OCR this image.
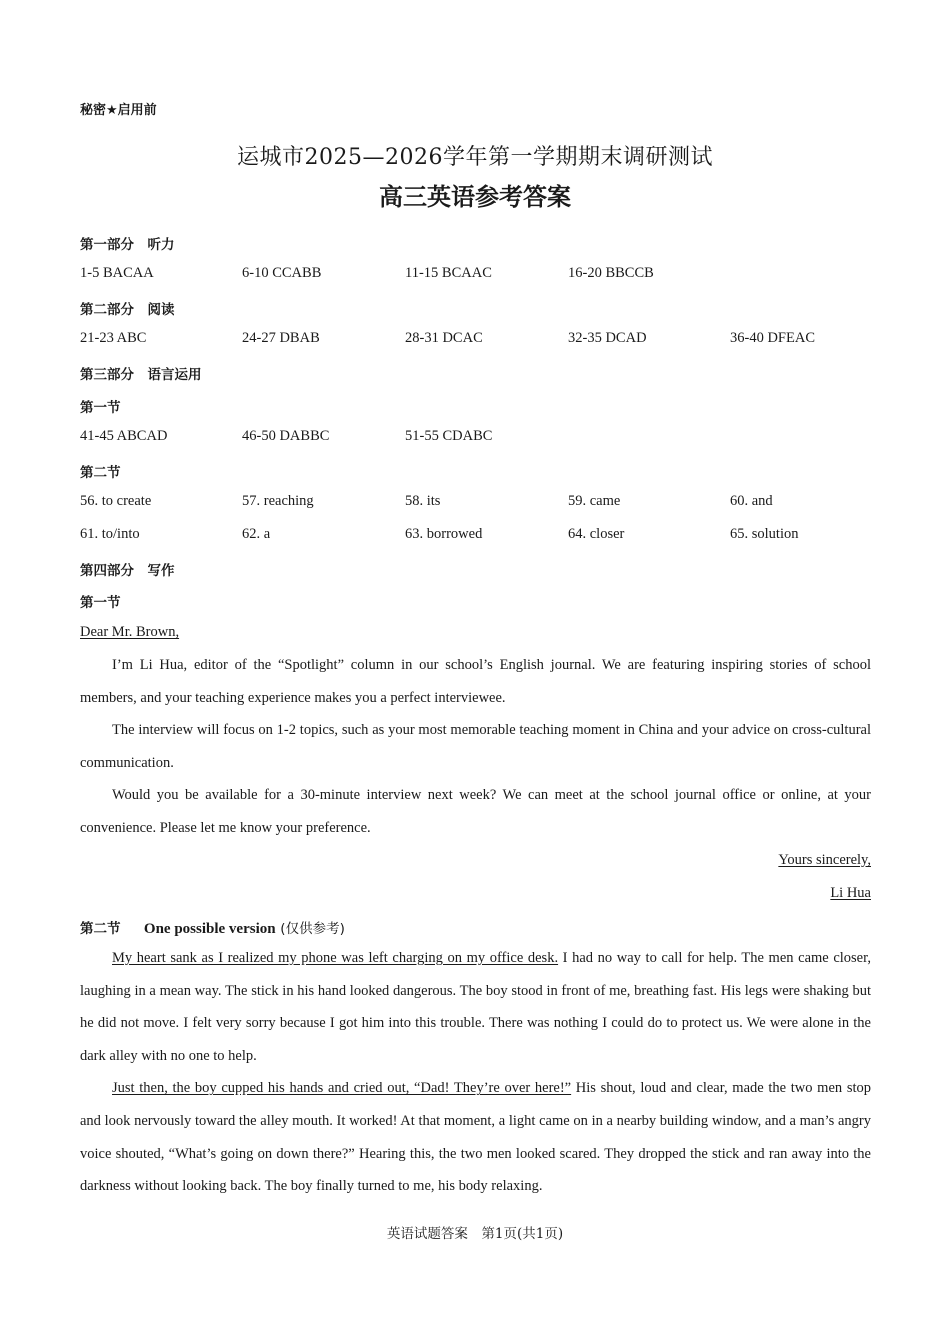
秘密★启用前
运城市2025—2026学年第一学期期末调研测试
高三英语参考答案
第一部分　听力
1-5 BACAA	6-10 CCABB	11-15 BCAAC	16-20 BBCCB
第二部分　阅读
21-23 ABC	24-27 DBAB	28-31 DCAC	32-35 DCAD	36-40 DFEAC
第三部分　语言运用
第一节
41-45 ABCAD	46-50 DABBC	51-55 CDABC
第二节
56. to create	57. reaching	58. its	59. came	60. and
61. to/into	62. a	63. borrowed	64. closer	65. solution
第四部分　写作
第一节
Dear Mr. Brown,

I’m Li Hua, editor of the “Spotlight” column in our school’s English journal. We are featuring inspiring stories of school members, and your teaching experience makes you a perfect interviewee.

The interview will focus on 1-2 topics, such as your most memorable teaching moment in China and your advice on cross-cultural communication.

Would you be available for a 30-minute interview next week? We can meet at the school journal office or online, at your convenience. Please let me know your preference.

Yours sincerely,
Li Hua
第二节 One possible version (仅供参考)

My heart sank as I realized my phone was left charging on my office desk. I had no way to call for help. The men came closer, laughing in a mean way. The stick in his hand looked dangerous. The boy stood in front of me, breathing fast. His legs were shaking but he did not move. I felt very sorry because I got him into this trouble. There was nothing I could do to protect us. We were alone in the dark alley with no one to help.

Just then, the boy cupped his hands and cried out, “Dad! They’re over here!” His shout, loud and clear, made the two men stop and look nervously toward the alley mouth. It worked! At that moment, a light came on in a nearby building window, and a man’s angry voice shouted, “What’s going on down there?” Hearing this, the two men looked scared. They dropped the stick and ran away into the darkness without looking back. The boy finally turned to me, his body relaxing.

英语试题答案　第1页(共1页)
